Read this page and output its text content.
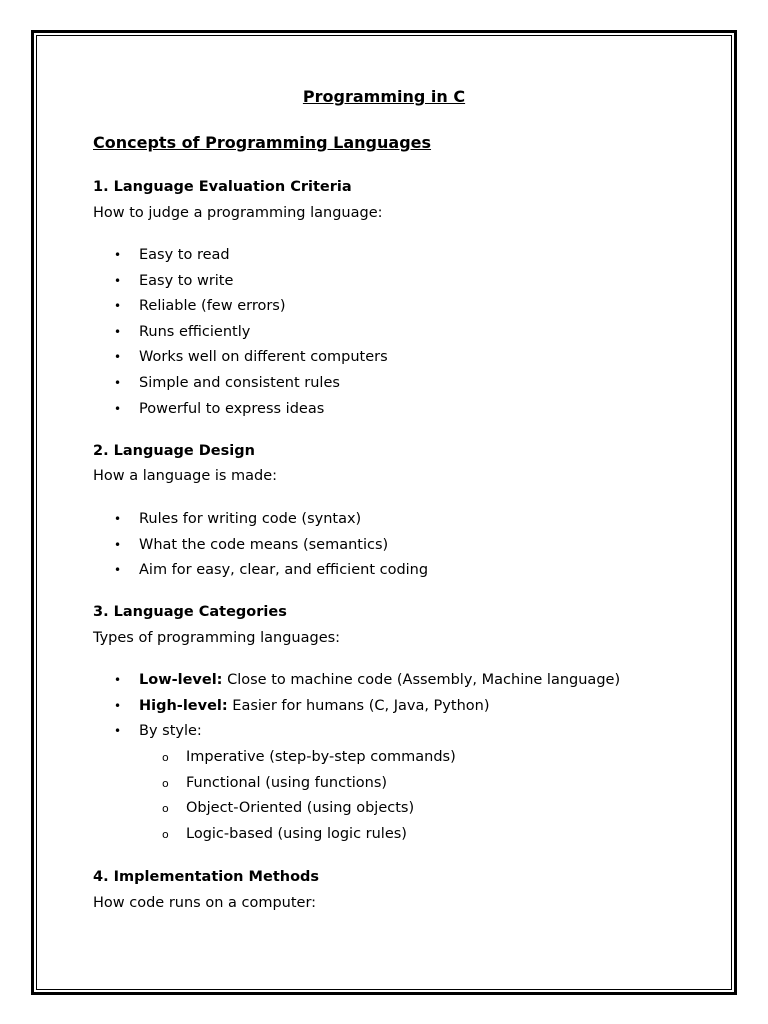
Programming in C
Concepts of Programming Languages
1. Language Evaluation Criteria

How to judge a programming language:

• Easy to read
• Easy to write
• Reliable (few errors)
• Runs efficiently
• Works well on different computers
• Simple and consistent rules
• Powerful to express ideas
2. Language Design

How a language is made:

• Rules for writing code (syntax)
• What the code means (semantics)
• Aim for easy, clear, and efficient coding
3. Language Categories

Types of programming languages:

• Low-level: Close to machine code (Assembly, Machine language)
• High-level: Easier for humans (C, Java, Python)
• By style:
o Imperative (step-by-step commands)
o Functional (using functions)
o Object-Oriented (using objects)
o Logic-based (using logic rules)
4. Implementation Methods

How code runs on a computer:
